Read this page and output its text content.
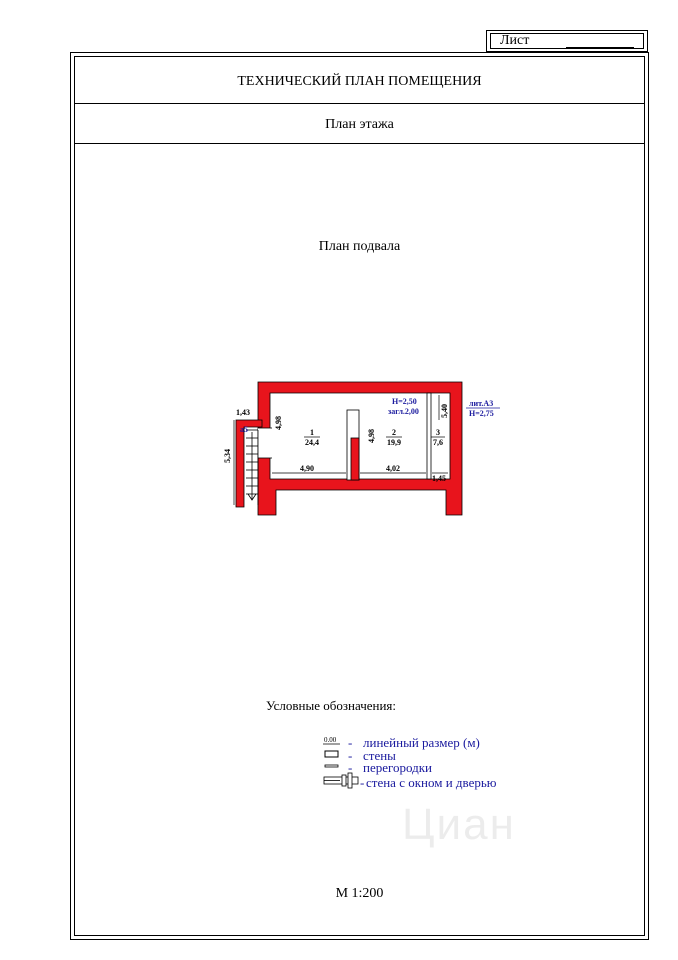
Лист
ТЕХНИЧЕСКИЙ ПЛАН ПОМЕЩЕНИЯ
План этажа
План подвала
1,43
5,34
4,98
4,90
4,98
4,02
5,40
1,45
1
24,4
2
19,9
3
7,6
a5
H=2,50
загл.2,00
лит.А3
H=2,75
Условные обозначения:
0.00 -
-
-
-
линейный размер (м)
стены
перегородки
стена с окном и дверью
Циан
М 1:200
